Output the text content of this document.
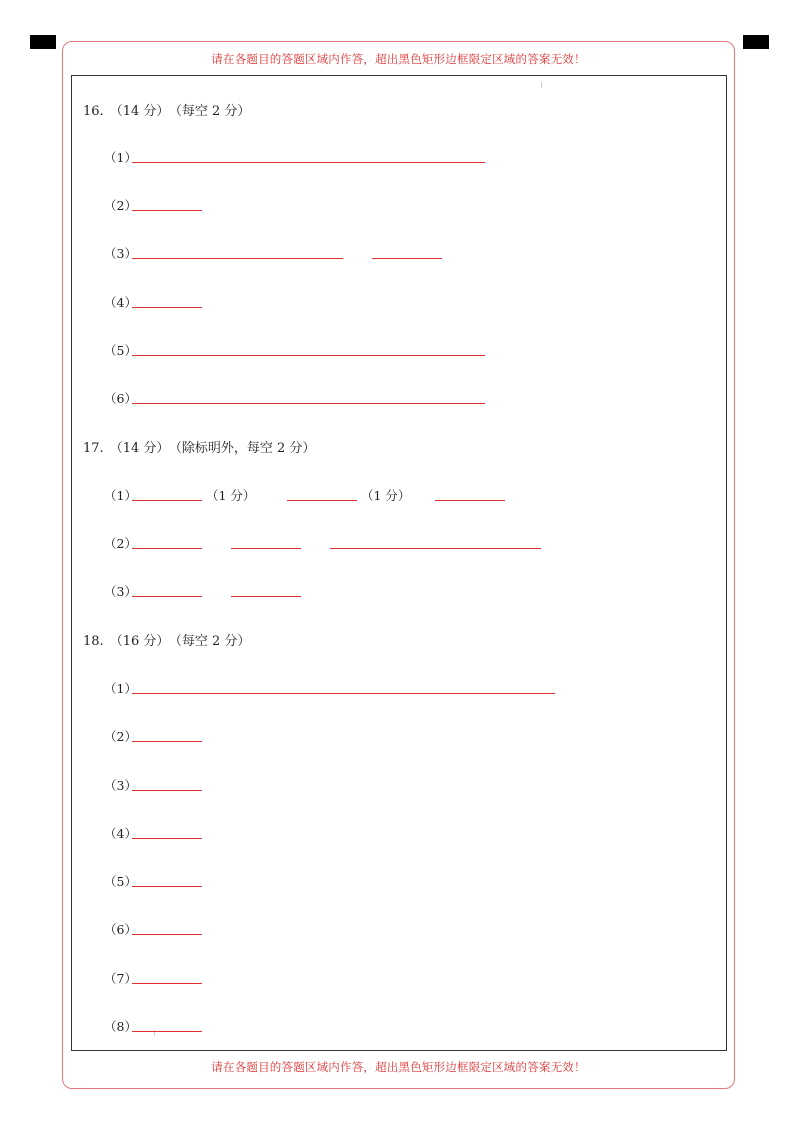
请在各题目的答题区域内作答，超出黑色矩形边框限定区域的答案无效！
请在各题目的答题区域内作答，超出黑色矩形边框限定区域的答案无效！
16. （14 分） （每空 2 分）
（1）
（2）
（3）
（4）
（5）
（6）
17. （14 分） （除标明外，每空 2 分）
（1）	（1 分）	（1 分）
（2）
（3）
18. （16 分） （每空 2 分）
（1）
（2）
（3）
（4）
（5）
（6）
（7）
（8）
